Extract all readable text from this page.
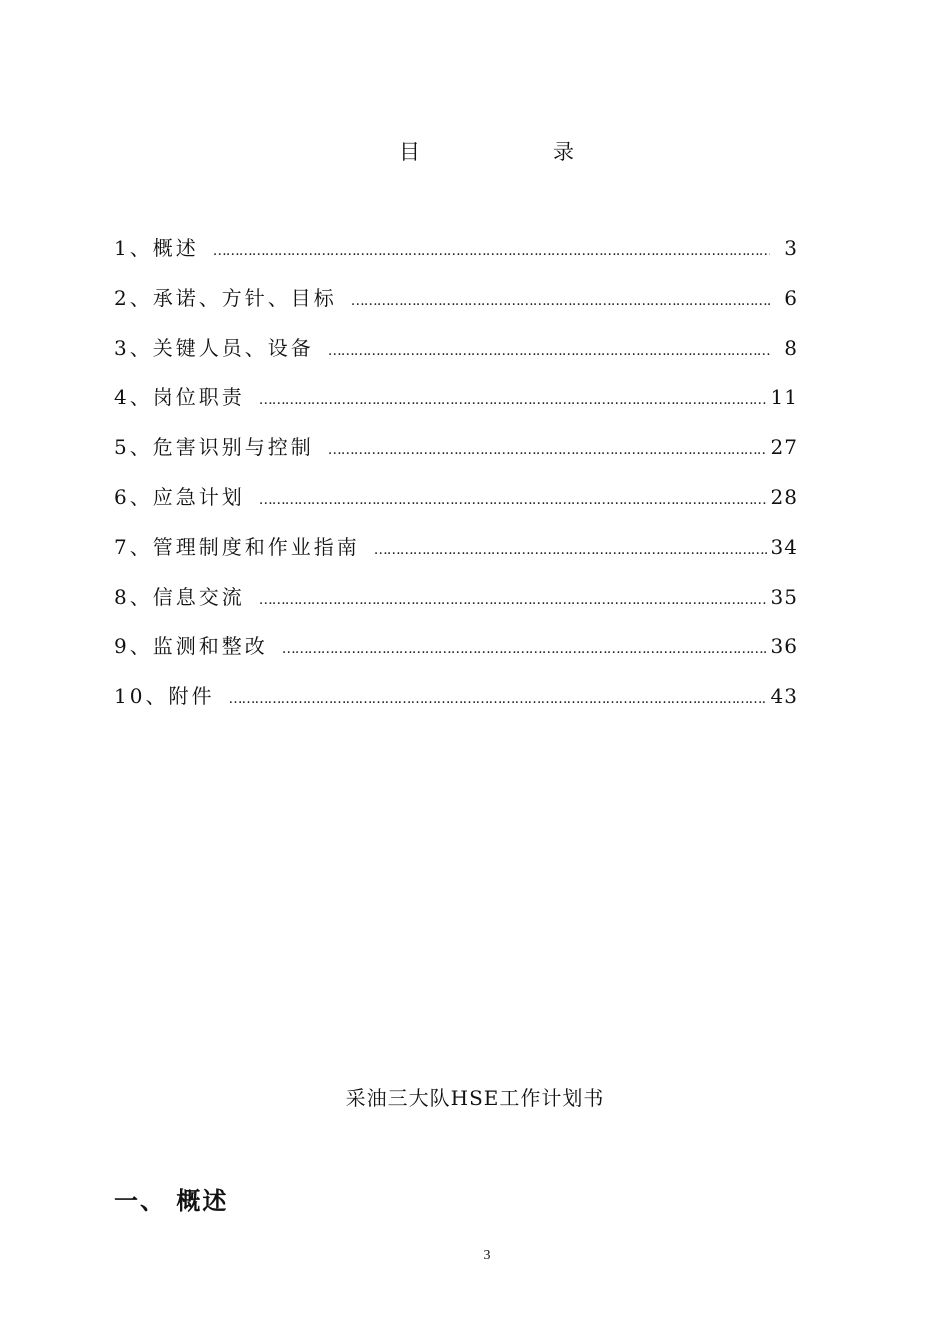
目	录
1、 概述 …………………………………………………………………………………………………………………………………………………………………………………………………………………	3
2、 承诺、方针、目标 …………………………………………………………………………………………………………………………………………………………………………………………………………………	6
3、 关键人员、设备 …………………………………………………………………………………………………………………………………………………………………………………………………………………	8
4、 岗位职责 …………………………………………………………………………………………………………………………………………………………………………………………………………………	11
5、 危害识别与控制 …………………………………………………………………………………………………………………………………………………………………………………………………………………	27
6、 应急计划 …………………………………………………………………………………………………………………………………………………………………………………………………………………	28
7、 管理制度和作业指南 …………………………………………………………………………………………………………………………………………………………………………………………………………………	34
8、 信息交流 …………………………………………………………………………………………………………………………………………………………………………………………………………………	35
9、 监测和整改 …………………………………………………………………………………………………………………………………………………………………………………………………………………	36
10、 附件 …………………………………………………………………………………………………………………………………………………………………………………………………………………	43
采油三大队HSE工作计划书
一、 概述
3
